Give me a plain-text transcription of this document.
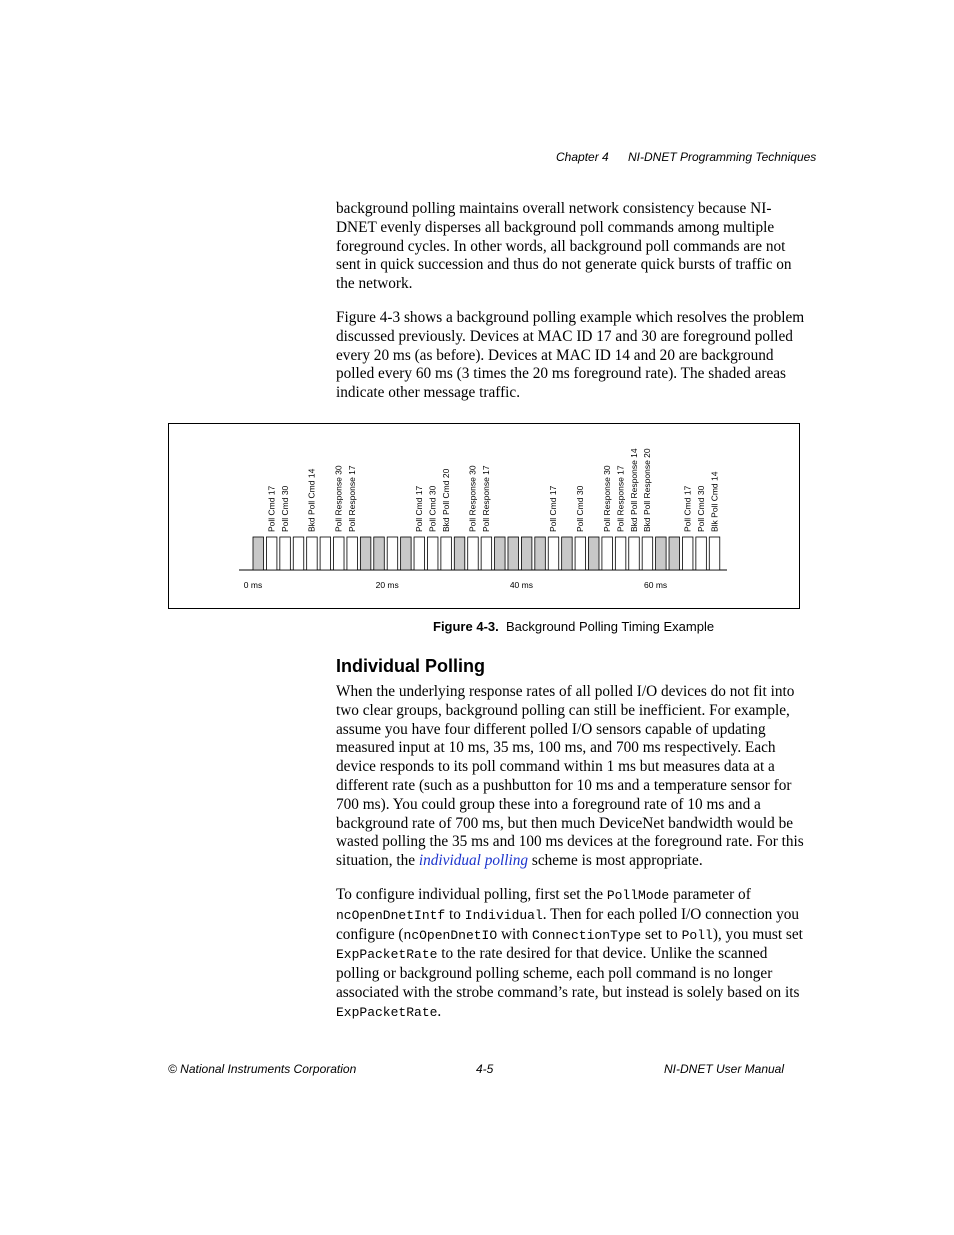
Chapter 4 NI-DNET Programming Techniques

background polling maintains overall network consistency because NI-DNET evenly disperses all background poll commands among multiple foreground cycles. In other words, all background poll commands are not sent in quick succession and thus do not generate quick bursts of traffic on the network.

Figure 4-3 shows a background polling example which resolves the problem discussed previously. Devices at MAC ID 17 and 30 are foreground polled every 20 ms (as before). Devices at MAC ID 14 and 20 are background polled every 60 ms (3 times the 20 ms foreground rate). The shaded areas indicate other message traffic.

Poll Cmd 17 Poll Cmd 30 Bkd Poll Cmd 14 Poll Response 30 Poll Response 17	Poll Cmd 17 Poll Cmd 30 Bkd Poll Cmd 20 Poll Response 30 Poll Response 17	Poll Cmd 17 Poll Cmd 30 Poll Response 30 Poll Response 17 Bkd Poll Response 14 Bkd Poll Response 20	Poll Cmd 17 Poll Cmd 30 Blk Poll Cmd 14
0 ms	20 ms	40 ms	60 ms
Figure 4-3. Background Polling Timing Example
Individual Polling

When the underlying response rates of all polled I/O devices do not fit into two clear groups, background polling can still be inefficient. For example, assume you have four different polled I/O sensors capable of updating measured input at 10 ms, 35 ms, 100 ms, and 700 ms respectively. Each device responds to its poll command within 1 ms but measures data at a different rate (such as a pushbutton for 10 ms and a temperature sensor for 700 ms). You could group these into a foreground rate of 10 ms and a background rate of 700 ms, but then much DeviceNet bandwidth would be wasted polling the 35 ms and 100 ms devices at the foreground rate. For this situation, the individual polling scheme is most appropriate.

To configure individual polling, first set the PollMode parameter of ncOpenDnetIntf to Individual. Then for each polled I/O connection you configure (ncOpenDnetIO with ConnectionType set to Poll), you must set ExpPacketRate to the rate desired for that device. Unlike the scanned polling or background polling scheme, each poll command is no longer associated with the strobe command’s rate, but instead is solely based on its ExpPacketRate.

© National Instruments Corporation	4-5	NI-DNET User Manual
